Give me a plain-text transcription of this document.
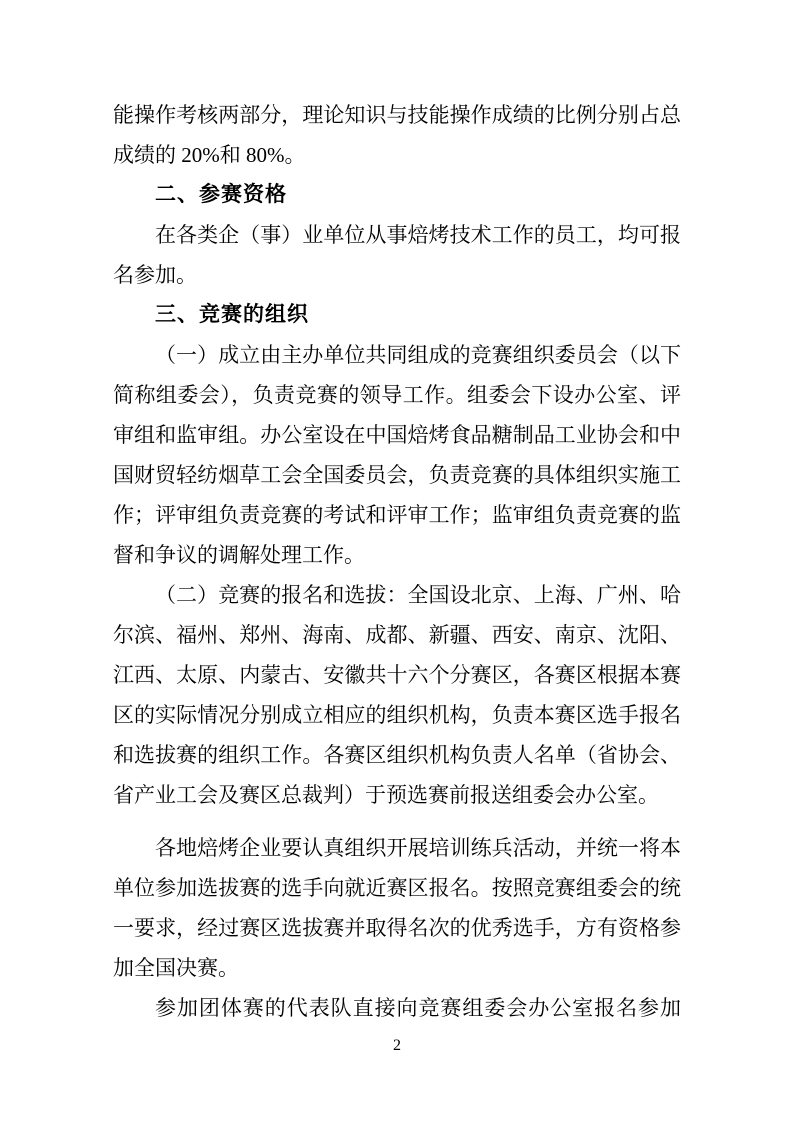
能操作考核两部分，理论知识与技能操作成绩的比例分别占总成绩的 20%和 80%。

二、参赛资格

在各类企（事）业单位从事焙烤技术工作的员工，均可报名参加。

三、竞赛的组织

（一）成立由主办单位共同组成的竞赛组织委员会（以下简称组委会），负责竞赛的领导工作。组委会下设办公室、评审组和监审组。办公室设在中国焙烤食品糖制品工业协会和中国财贸轻纺烟草工会全国委员会，负责竞赛的具体组织实施工作；评审组负责竞赛的考试和评审工作；监审组负责竞赛的监督和争议的调解处理工作。

（二）竞赛的报名和选拔：全国设北京、上海、广州、哈尔滨、福州、郑州、海南、成都、新疆、西安、南京、沈阳、江西、太原、内蒙古、安徽共十六个分赛区，各赛区根据本赛区的实际情况分别成立相应的组织机构，负责本赛区选手报名和选拔赛的组织工作。各赛区组织机构负责人名单（省协会、省产业工会及赛区总裁判）于预选赛前报送组委会办公室。

各地焙烤企业要认真组织开展培训练兵活动，并统一将本单位参加选拔赛的选手向就近赛区报名。按照竞赛组委会的统一要求，经过赛区选拔赛并取得名次的优秀选手，方有资格参加全国决赛。

参加团体赛的代表队直接向竞赛组委会办公室报名参加

2
